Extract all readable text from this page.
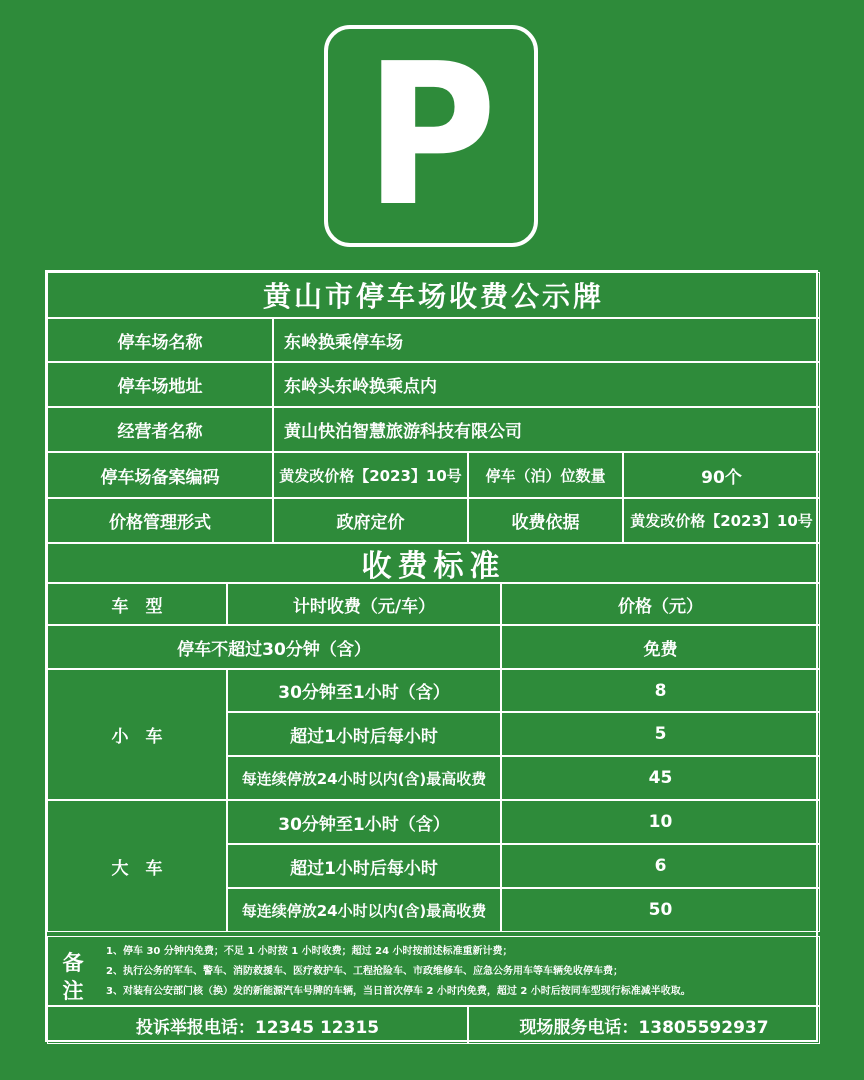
P
黄山市停车场收费公示牌
停车场名称	东岭换乘停车场
停车场地址	东岭头东岭换乘点内
经营者名称	黄山快泊智慧旅游科技有限公司
停车场备案编码	黄发改价格【2023】10号	停车（泊）位数量	90个
价格管理形式	政府定价	收费依据	黄发改价格【2023】10号
收费标准
车　型	计时收费（元/车）	价格（元）
停车不超过30分钟（含）	免费
小　车
30分钟至1小时（含）	8
超过1小时后每小时	5
每连续停放24小时以内(含)最高收费	45
大　车
30分钟至1小时（含）	10
超过1小时后每小时	6
每连续停放24小时以内(含)最高收费	50
备
注
1、停车 30 分钟内免费；不足 1 小时按 1 小时收费；超过 24 小时按前述标准重新计费；
2、执行公务的军车、警车、消防救援车、医疗救护车、工程抢险车、市政维修车、应急公务用车等车辆免收停车费；
3、对装有公安部门核（换）发的新能源汽车号牌的车辆，当日首次停车 2 小时内免费，超过 2 小时后按同车型现行标准减半收取。
投诉举报电话：12345 12315	现场服务电话：13805592937
